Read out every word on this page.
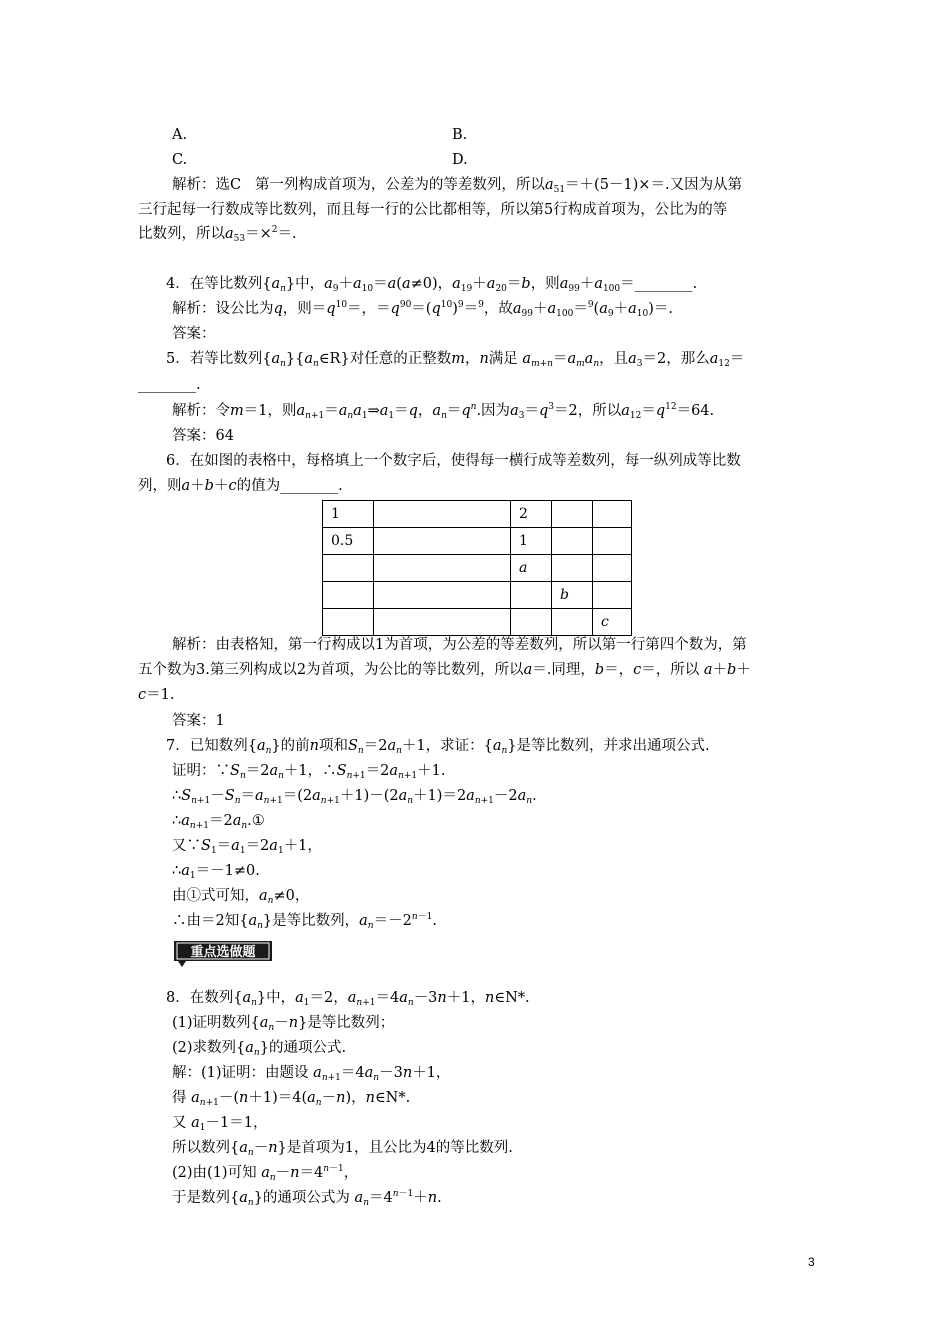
A.	B.
C.	D.
解析：选C 第一列构成首项为，公差为的等差数列，所以$a_{51}=+(5-1)\times=$.又因为从第
三行起每一行数成等比数列，而且每一行的公比都相等，所以第5行构成首项为，公比为的等
比数列，所以$a_{53}=\times^2=$.
4．在等比数列$\{a_n\}$中，$a_9+a_{10}=a(a\ne 0)$，$a_{19}+a_{20}=b$，则$a_{99}+a_{100}=\_\_\_\_\_\_\_\_$.
解析：设公比为q，则$=q^{10}=$，$=q^{90}=(q^{10})^9=^9$，故$a_{99}+a_{100}=^9(a_9+a_{10})=$.
答案：
5．若等比数列$\{a_n\}\{a_n\in R\}$对任意的正整数m，n满足 $a_{m+n}=a_ma_n$，且$a_3=2$，那么$a_{12}=$
________.
解析：令m＝1，则$a_{n+1}=a_na_1\Rightarrow a_1=q$，$a_n=q^n$.因为$a_3=q^3=2$，所以$a_{12}=q^{12}=64$.
答案：64
6．在如图的表格中，每格填上一个数字后，使得每一横行成等差数列，每一纵列成等比数
列，则a＋b＋c的值为________.
1		2		
0.5		1		
		a		
			b	
				c
解析：由表格知，第一行构成以1为首项，为公差的等差数列，所以第一行第四个数为，第
五个数为3.第三列构成以2为首项，为公比的等比数列，所以a＝.同理，b＝，c＝，所以 a＋b＋
c＝1.
答案：1
7．已知数列$\{a_n\}$的前n项和$S_n=2a_n+1$，求证：$\{a_n\}$是等比数列，并求出通项公式.
证明：$\because S_n=2a_n+1$，$\therefore S_{n+1}=2a_{n+1}+1$.
$\therefore S_{n+1}-S_n=a_{n+1}=(2a_{n+1}+1)-(2a_n+1)=2a_{n+1}-2a_n$.
$\therefore a_{n+1}=2a_n.①$
又$\because S_1=a_1=2a_1+1$，
$\therefore a_1=-1\ne 0$.
由①式可知，$a_n\ne 0$，
∴由＝2知$\{a_n\}$是等比数列，$a_n=-2^{n-1}$.
重点选做题
8．在数列$\{a_n\}$中，$a_1=2$，$a_{n+1}=4a_n-3n+1$，n∈N*.
(1)证明数列$\{a_n-n\}$是等比数列；
(2)求数列$\{a_n\}$的通项公式.
解：(1)证明：由题设 $a_{n+1}=4a_n-3n+1$，
得 $a_{n+1}-(n+1)=4(a_n-n)$，n∈N*.
又 $a_1-1=1$，
所以数列$\{a_n-n\}$是首项为1，且公比为4的等比数列.
(2)由(1)可知 $a_n-n=4^{n-1}$，
于是数列$\{a_n\}$的通项公式为 $a_n=4^{n-1}+n$.
3
